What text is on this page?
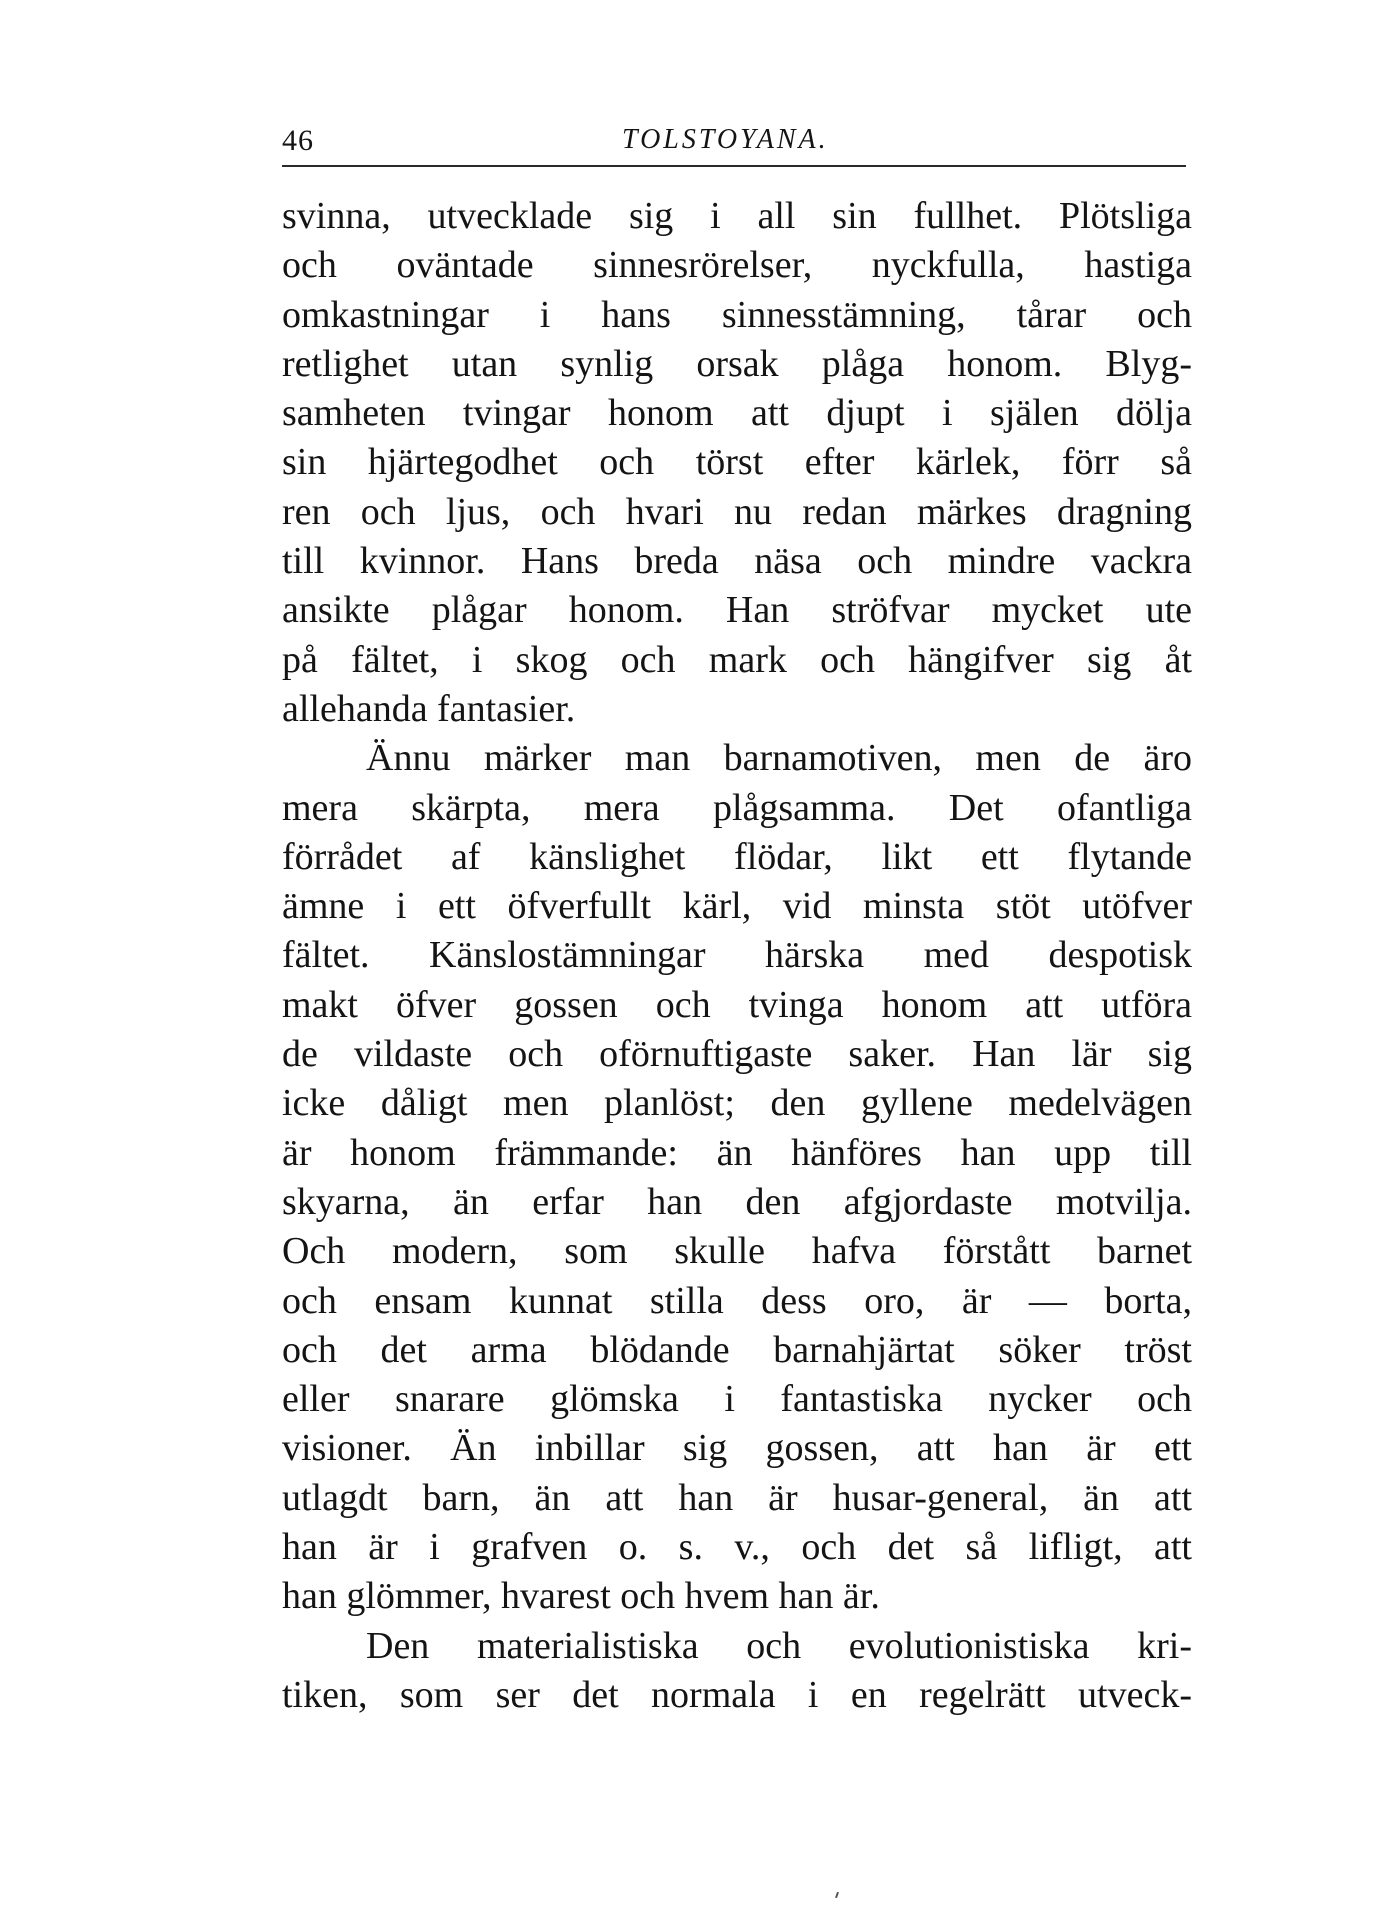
46	TOLSTOYANA.
svinna, utvecklade sig i all sin fullhet. Plötsliga
och oväntade sinnesrörelser, nyckfulla, hastiga
omkastningar i hans sinnesstämning, tårar och
retlighet utan synlig orsak plåga honom. Blyg-
samheten tvingar honom att djupt i själen dölja
sin hjärtegodhet och törst efter kärlek, förr så
ren och ljus, och hvari nu redan märkes dragning
till kvinnor. Hans breda näsa och mindre vackra
ansikte plågar honom. Han ströfvar mycket ute
på fältet, i skog och mark och hängifver sig åt
allehanda fantasier.
Ännu märker man barnamotiven, men de äro
mera skärpta, mera plågsamma. Det ofantliga
förrådet af känslighet flödar, likt ett flytande
ämne i ett öfverfullt kärl, vid minsta stöt utöfver
fältet. Känslostämningar härska med despotisk
makt öfver gossen och tvinga honom att utföra
de vildaste och oförnuftigaste saker. Han lär sig
icke dåligt men planlöst; den gyllene medelvägen
är honom främmande: än hänföres han upp till
skyarna, än erfar han den afgjordaste motvilja.
Och modern, som skulle hafva förstått barnet
och ensam kunnat stilla dess oro, är — borta,
och det arma blödande barnahjärtat söker tröst
eller snarare glömska i fantastiska nycker och
visioner. Än inbillar sig gossen, att han är ett
utlagdt barn, än att han är husar-general, än att
han är i grafven o. s. v., och det så lifligt, att
han glömmer, hvarest och hvem han är.
Den materialistiska och evolutionistiska kri-
tiken, som ser det normala i en regelrätt utveck-
